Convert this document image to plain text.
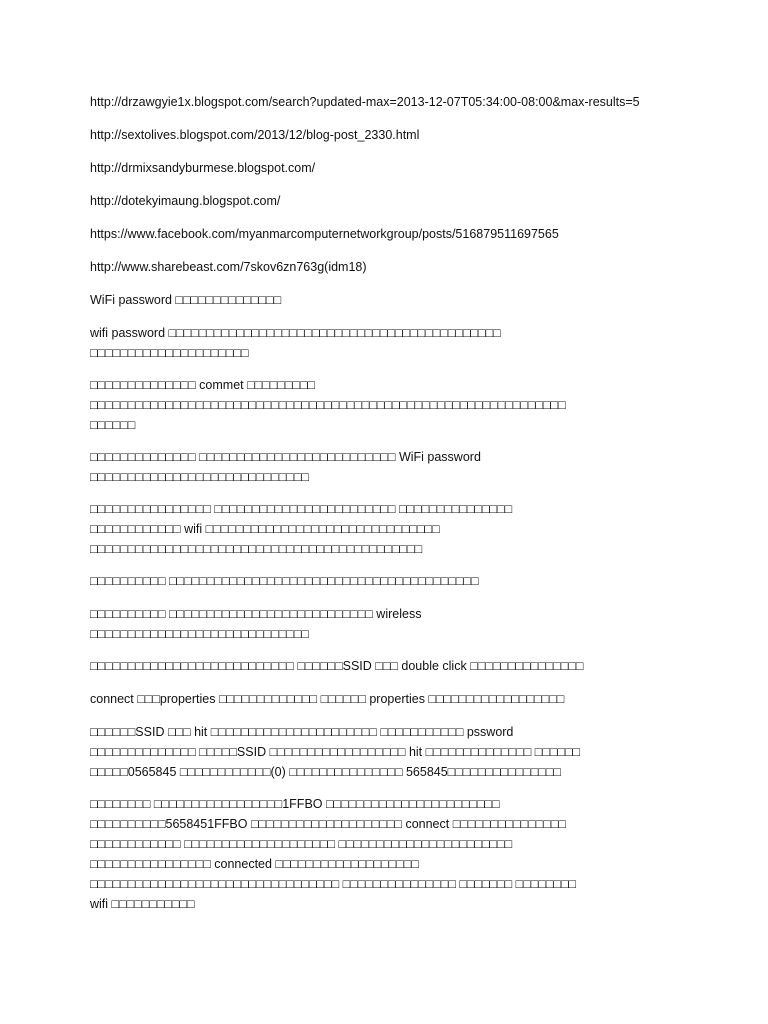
http://drzawgyie1x.blogspot.com/search?updated-max=2013-12-07T05:34:00-08:00&max-results=5
http://sextolives.blogspot.com/2013/12/blog-post_2330.html
http://drmixsandyburmese.blogspot.com/
http://dotekyimaung.blogspot.com/
https://www.facebook.com/myanmarcomputernetworkgroup/posts/516879511697565
http://www.sharebeast.com/7skov6zn763g(idm18)
WiFi password □□□□□□□□□□□□□□
wifi password □□□□□□□□□□□□□□□□□□□□□□□□□□□□□□□□□□□□□□□□□□□□
□□□□□□□□□□□□□□□□□□□□□
□□□□□□□□□□□□□□ commet □□□□□□□□□
□□□□□□□□□□□□□□□□□□□□□□□□□□□□□□□□□□□□□□□□□□□□□□□□□□□□□□□□□□□□□□□
□□□□□□
□□□□□□□□□□□□□□ □□□□□□□□□□□□□□□□□□□□□□□□□□ WiFi password
□□□□□□□□□□□□□□□□□□□□□□□□□□□□□
□□□□□□□□□□□□□□□□ □□□□□□□□□□□□□□□□□□□□□□□□ □□□□□□□□□□□□□□□
□□□□□□□□□□□□ wifi □□□□□□□□□□□□□□□□□□□□□□□□□□□□□□□
□□□□□□□□□□□□□□□□□□□□□□□□□□□□□□□□□□□□□□□□□□□□
□□□□□□□□□□ □□□□□□□□□□□□□□□□□□□□□□□□□□□□□□□□□□□□□□□□□
□□□□□□□□□□ □□□□□□□□□□□□□□□□□□□□□□□□□□□ wireless
□□□□□□□□□□□□□□□□□□□□□□□□□□□□□
□□□□□□□□□□□□□□□□□□□□□□□□□□□ □□□□□□SSID □□□ double click □□□□□□□□□□□□□□□
connect □□□properties □□□□□□□□□□□□□ □□□□□□ properties □□□□□□□□□□□□□□□□□□
□□□□□□SSID □□□ hit □□□□□□□□□□□□□□□□□□□□□□ □□□□□□□□□□□ pssword
□□□□□□□□□□□□□□ □□□□□SSID □□□□□□□□□□□□□□□□□□ hit □□□□□□□□□□□□□□ □□□□□□
□□□□□0565845 □□□□□□□□□□□□(0) □□□□□□□□□□□□□□□ 565845□□□□□□□□□□□□□□□
□□□□□□□□ □□□□□□□□□□□□□□□□□1FFBO □□□□□□□□□□□□□□□□□□□□□□□
□□□□□□□□□□5658451FFBO □□□□□□□□□□□□□□□□□□□□ connect □□□□□□□□□□□□□□□
□□□□□□□□□□□□ □□□□□□□□□□□□□□□□□□□□ □□□□□□□□□□□□□□□□□□□□□□□
□□□□□□□□□□□□□□□□ connected □□□□□□□□□□□□□□□□□□□
□□□□□□□□□□□□□□□□□□□□□□□□□□□□□□□□□ □□□□□□□□□□□□□□□ □□□□□□□ □□□□□□□□
wifi □□□□□□□□□□□
